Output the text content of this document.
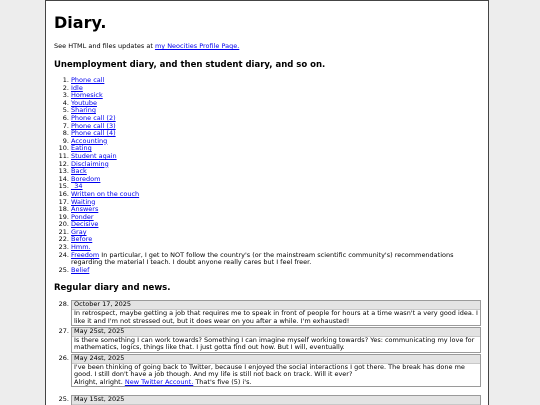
Diary.

See HTML and files updates at my Neocities Profile Page.

Unemployment diary, and then student diary, and so on.
1. Phone call
2. Idle
3. Homesick
4. Youtube
5. Sharing
6. Phone call (2)
7. Phone call (3)
8. Phone call (4)
9. Accounting
10. Eating
11. Student again
12. Disclaiming
13. Back
14. Boredom
15. _34
16. Written on the couch
17. Waiting
18. Answers
19. Ponder
20. Decisive
21. Gray
22. Before
23. Hmm.
24. Freedom In particular, I get to NOT follow the country's (or the mainstream scientific community's) recommendations regarding the material I teach. I doubt anyone really cares but I feel freer.
25. Belief
Regular diary and news.
28. October 17, 2025
In retrospect, maybe getting a job that requires me to speak in front of people for hours at a time wasn't a very good idea. I like it and I'm not stressed out, but it does wear on you after a while. I'm exhausted!
27. May 25st, 2025
Is there something I can work towards? Something I can imagine myself working towards? Yes: communicating my love for mathematics, logics, things like that. I just gotta find out how. But I will, eventually.
26. May 24st, 2025
I've been thinking of going back to Twitter, because I enjoyed the social interactions I got there. The break has done me good. I still don't have a job though. And my life is still not back on track. Will it ever?
Alright, alright. New Twitter Account. That's five (5) i's.
25. May 15st, 2025
